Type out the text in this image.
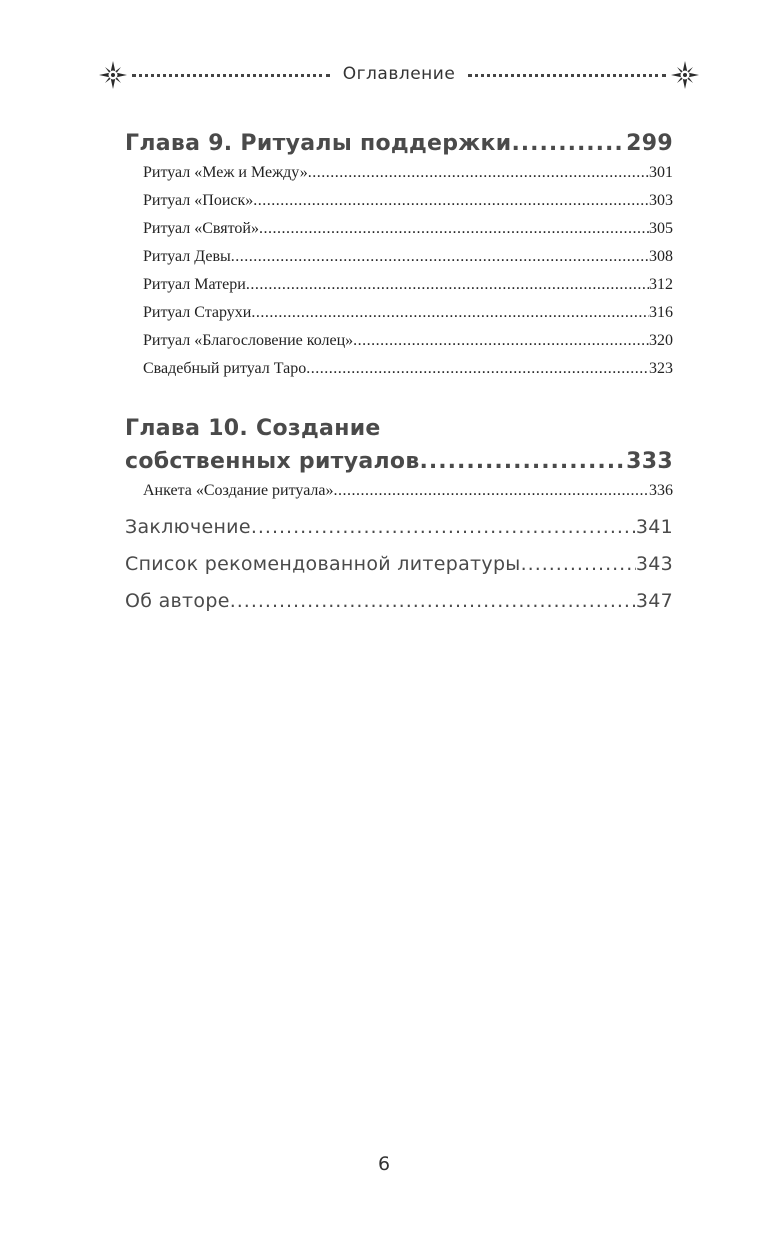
Оглавление
Глава 9. Ритуалы поддержки .....	299
Ритуал «Меж и Между» .....	301
Ритуал «Поиск» .....	303
Ритуал «Святой» .....	305
Ритуал Девы .....	308
Ритуал Матери .....	312
Ритуал Старухи .....	316
Ритуал «Благословение колец» .....	320
Свадебный ритуал Таро .....	323
Глава 10. Создание
собственных ритуалов .....	333
Анкета «Создание ритуала» .....	336
Заключение .....	341
Список рекомендованной литературы .....	343
Об авторе .....	347
6
